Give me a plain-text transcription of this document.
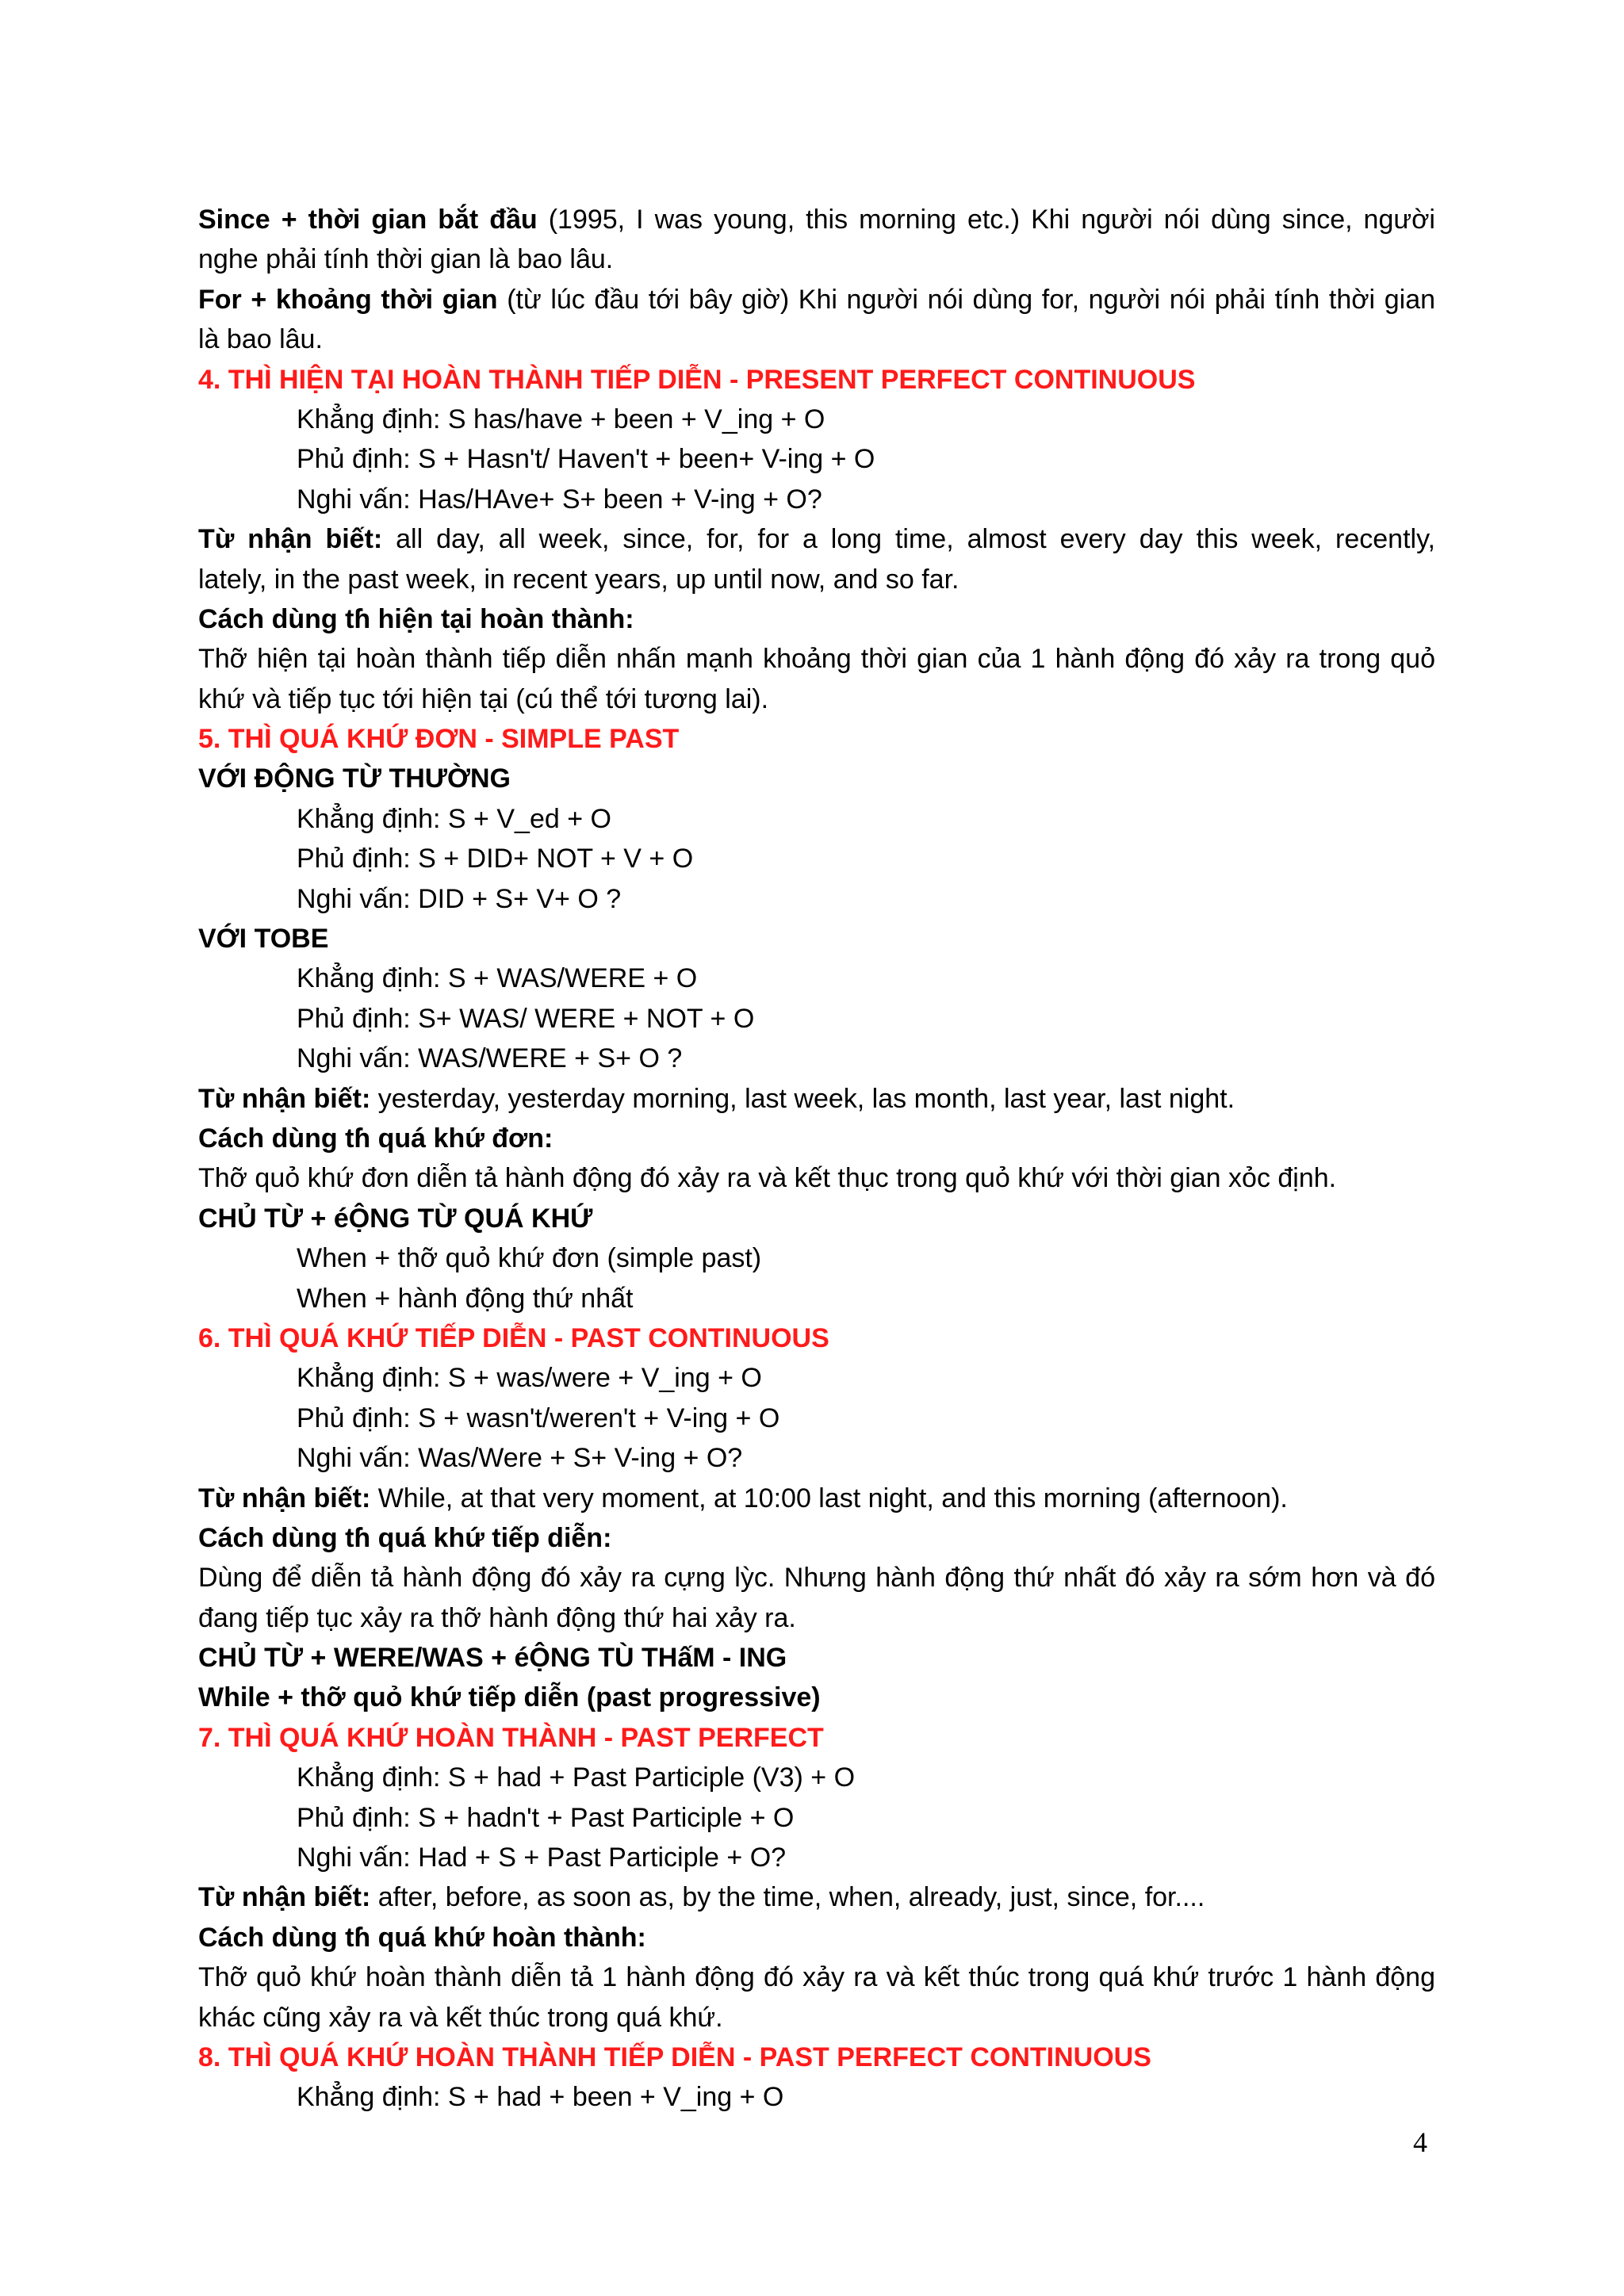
Since + thời gian bắt đầu (1995, I was young, this morning etc.) Khi người nói dùng since, người
nghe phải tính thời gian là bao lâu.
For + khoảng thời gian (từ lúc đầu tới bây giờ) Khi người nói dùng for, người nói phải tính thời gian
là bao lâu.
4. THÌ HIỆN TẠI HOÀN THÀNH TIẾP DIỄN - PRESENT PERFECT CONTINUOUS
Khẳng định: S has/have + been + V_ing + O
Phủ định: S + Hasn't/ Haven't + been+ V-ing + O
Nghi vấn: Has/HAve+ S+ been + V-ing + O?
Từ nhận biết: all day, all week, since, for, for a long time, almost every day this week, recently,
lately, in the past week, in recent years, up until now, and so far.
Cách dùng tɦ hiện tại hoàn thành:
Thỡ hiện tại hoàn thành tiếp diễn nhấn mạnh khoảng thời gian của 1 hành động đó xảy ra trong quỏ
khứ và tiếp tục tới hiện tại (cú thể tới tương lai).
5. THÌ QUÁ KHỨ ĐƠN - SIMPLE PAST
VỚI ĐỘNG TỪ THƯỜNG
Khẳng định: S + V_ed + O
Phủ định: S + DID+ NOT + V + O
Nghi vấn: DID + S+ V+ O ?
VỚI TOBE
Khẳng định: S + WAS/WERE + O
Phủ định: S+ WAS/ WERE + NOT + O
Nghi vấn: WAS/WERE + S+ O ?
Từ nhận biết: yesterday, yesterday morning, last week, las month, last year, last night.
Cách dùng tɦ quá khứ đơn:
Thỡ quỏ khứ đơn diễn tả hành động đó xảy ra và kết thục trong quỏ khứ với thời gian xỏc định.
CHỦ TỪ + éỘNG TỪ QUÁ KHỨ
When + thỡ quỏ khứ đơn (simple past)
When + hành động thứ nhất
6. THÌ QUÁ KHỨ TIẾP DIỄN - PAST CONTINUOUS
Khẳng định: S + was/were + V_ing + O
Phủ định: S + wasn't/weren't + V-ing + O
Nghi vấn: Was/Were + S+ V-ing + O?
Từ nhận biết: While, at that very moment, at 10:00 last night, and this morning (afternoon).
Cách dùng tɦ quá khứ tiếp diễn:
Dùng để diễn tả hành động đó xảy ra cựng lỳc. Nhưng hành động thứ nhất đó xảy ra sớm hơn và đó
đang tiếp tục xảy ra thỡ hành động thứ hai xảy ra.
CHỦ TỪ + WERE/WAS + éỘNG TÙ THấM - ING
While + thỡ quỏ khứ tiếp diễn (past progressive)
7. THÌ QUÁ KHỨ HOÀN THÀNH - PAST PERFECT
Khẳng định: S + had + Past Participle (V3) + O
Phủ định: S + hadn't + Past Participle + O
Nghi vấn: Had + S + Past Participle + O?
Từ nhận biết: after, before, as soon as, by the time, when, already, just, since, for....
Cách dùng tɦ quá khứ hoàn thành:
Thỡ quỏ khứ hoàn thành diễn tả 1 hành động đó xảy ra và kết thúc trong quá khứ trước 1 hành động
khác cũng xảy ra và kết thúc trong quá khứ.
8. THÌ QUÁ KHỨ HOÀN THÀNH TIẾP DIỄN - PAST PERFECT CONTINUOUS
Khẳng định: S + had + been + V_ing + O
4
